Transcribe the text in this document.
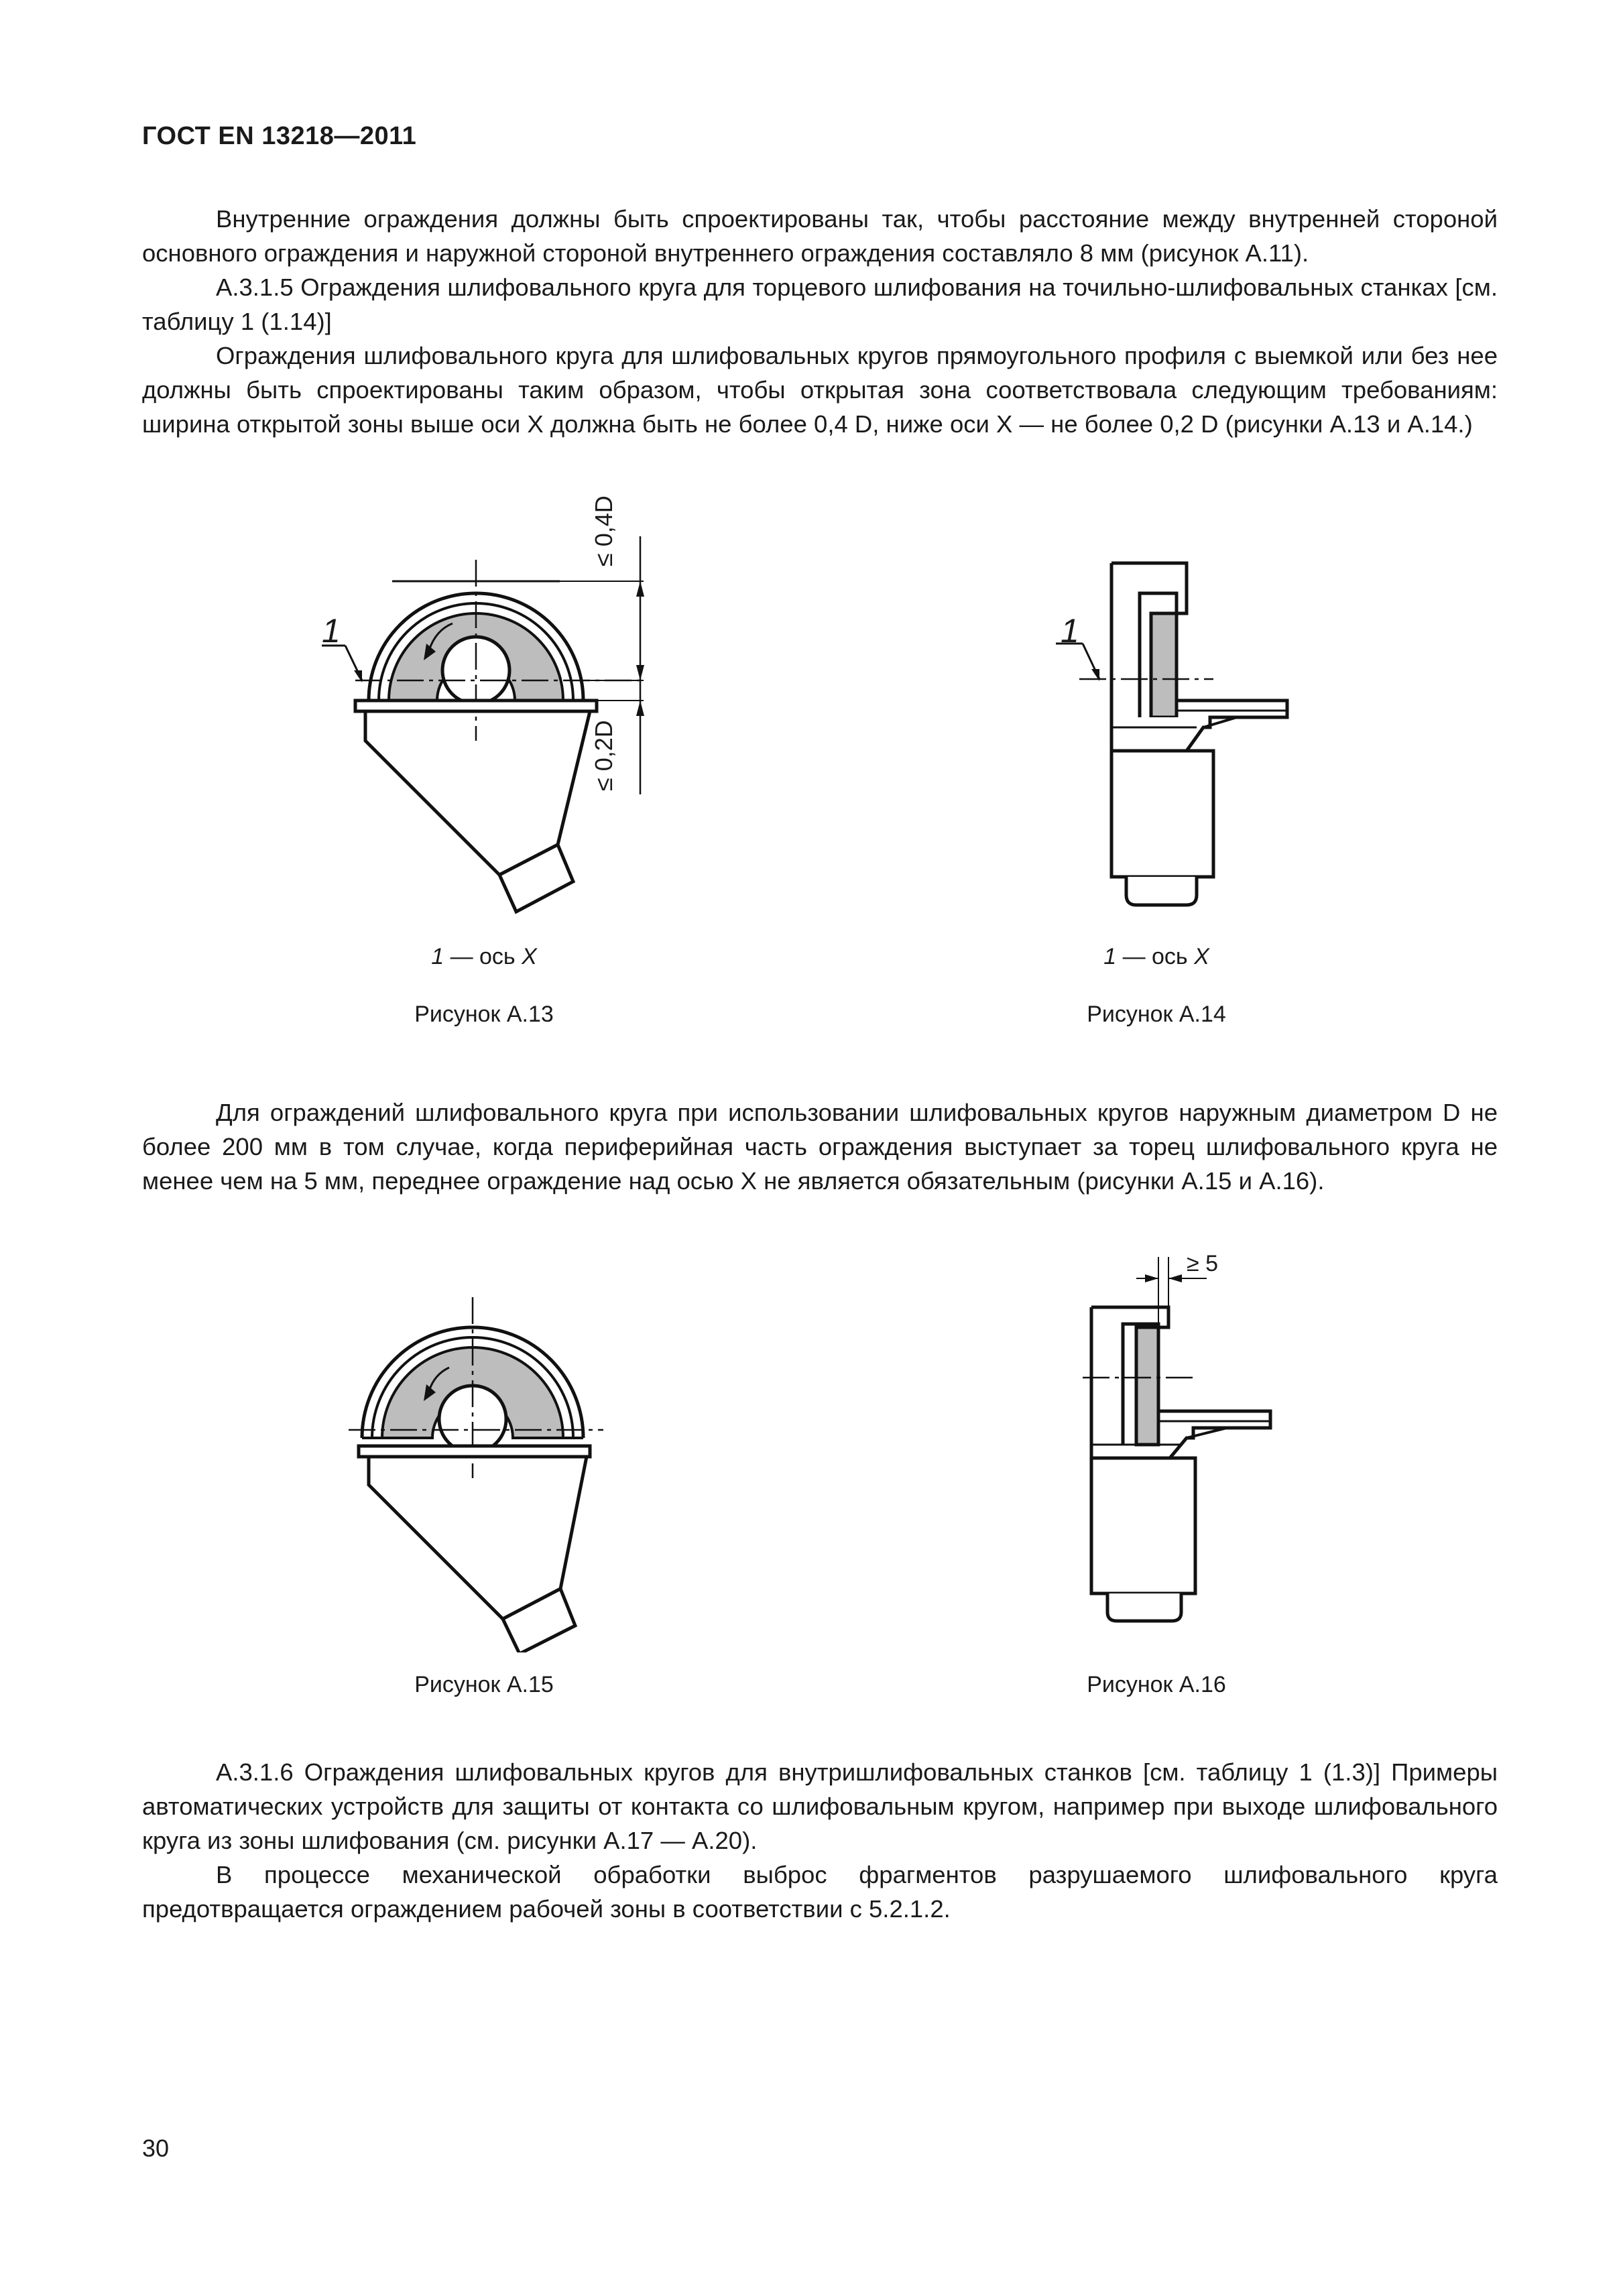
ГОСТ EN 13218—2011

Внутренние ограждения должны быть спроектированы так, чтобы расстояние между внутренней стороной основного ограждения и наружной стороной внутреннего ограждения составляло 8 мм (рисунок А.11).

А.3.1.5 Ограждения шлифовального круга для торцевого шлифования на точильно-шлифовальных станках [см. таблицу 1 (1.14)]

Ограждения шлифовального круга для шлифовальных кругов прямоугольного профиля с выемкой или без нее должны быть спроектированы таким образом, чтобы открытая зона соответствовала следующим требованиям: ширина открытой зоны выше оси X должна быть не более 0,4 D, ниже оси X — не более 0,2 D (рисунки А.13 и А.14.)

1
≤ 0,4D
≤ 0,2D
1 — ось X
Рисунок А.13
1
1 — ось X
Рисунок А.14

Для ограждений шлифовального круга при использовании шлифовальных кругов наружным диаметром D не более 200 мм в том случае, когда периферийная часть ограждения выступает за торец шлифовального круга не менее чем на 5 мм, переднее ограждение над осью X не является обязательным (рисунки А.15 и А.16).

Рисунок А.15
≥ 5
Рисунок А.16

А.3.1.6 Ограждения шлифовальных кругов для внутришлифовальных станков [см. таблицу 1 (1.3)] Примеры автоматических устройств для защиты от контакта со шлифовальным кругом, например при выходе шлифовального круга из зоны шлифования (см. рисунки А.17 — А.20).

В процессе механической обработки выброс фрагментов разрушаемого шлифовального круга предотвращается ограждением рабочей зоны в соответствии с 5.2.1.2.

30
